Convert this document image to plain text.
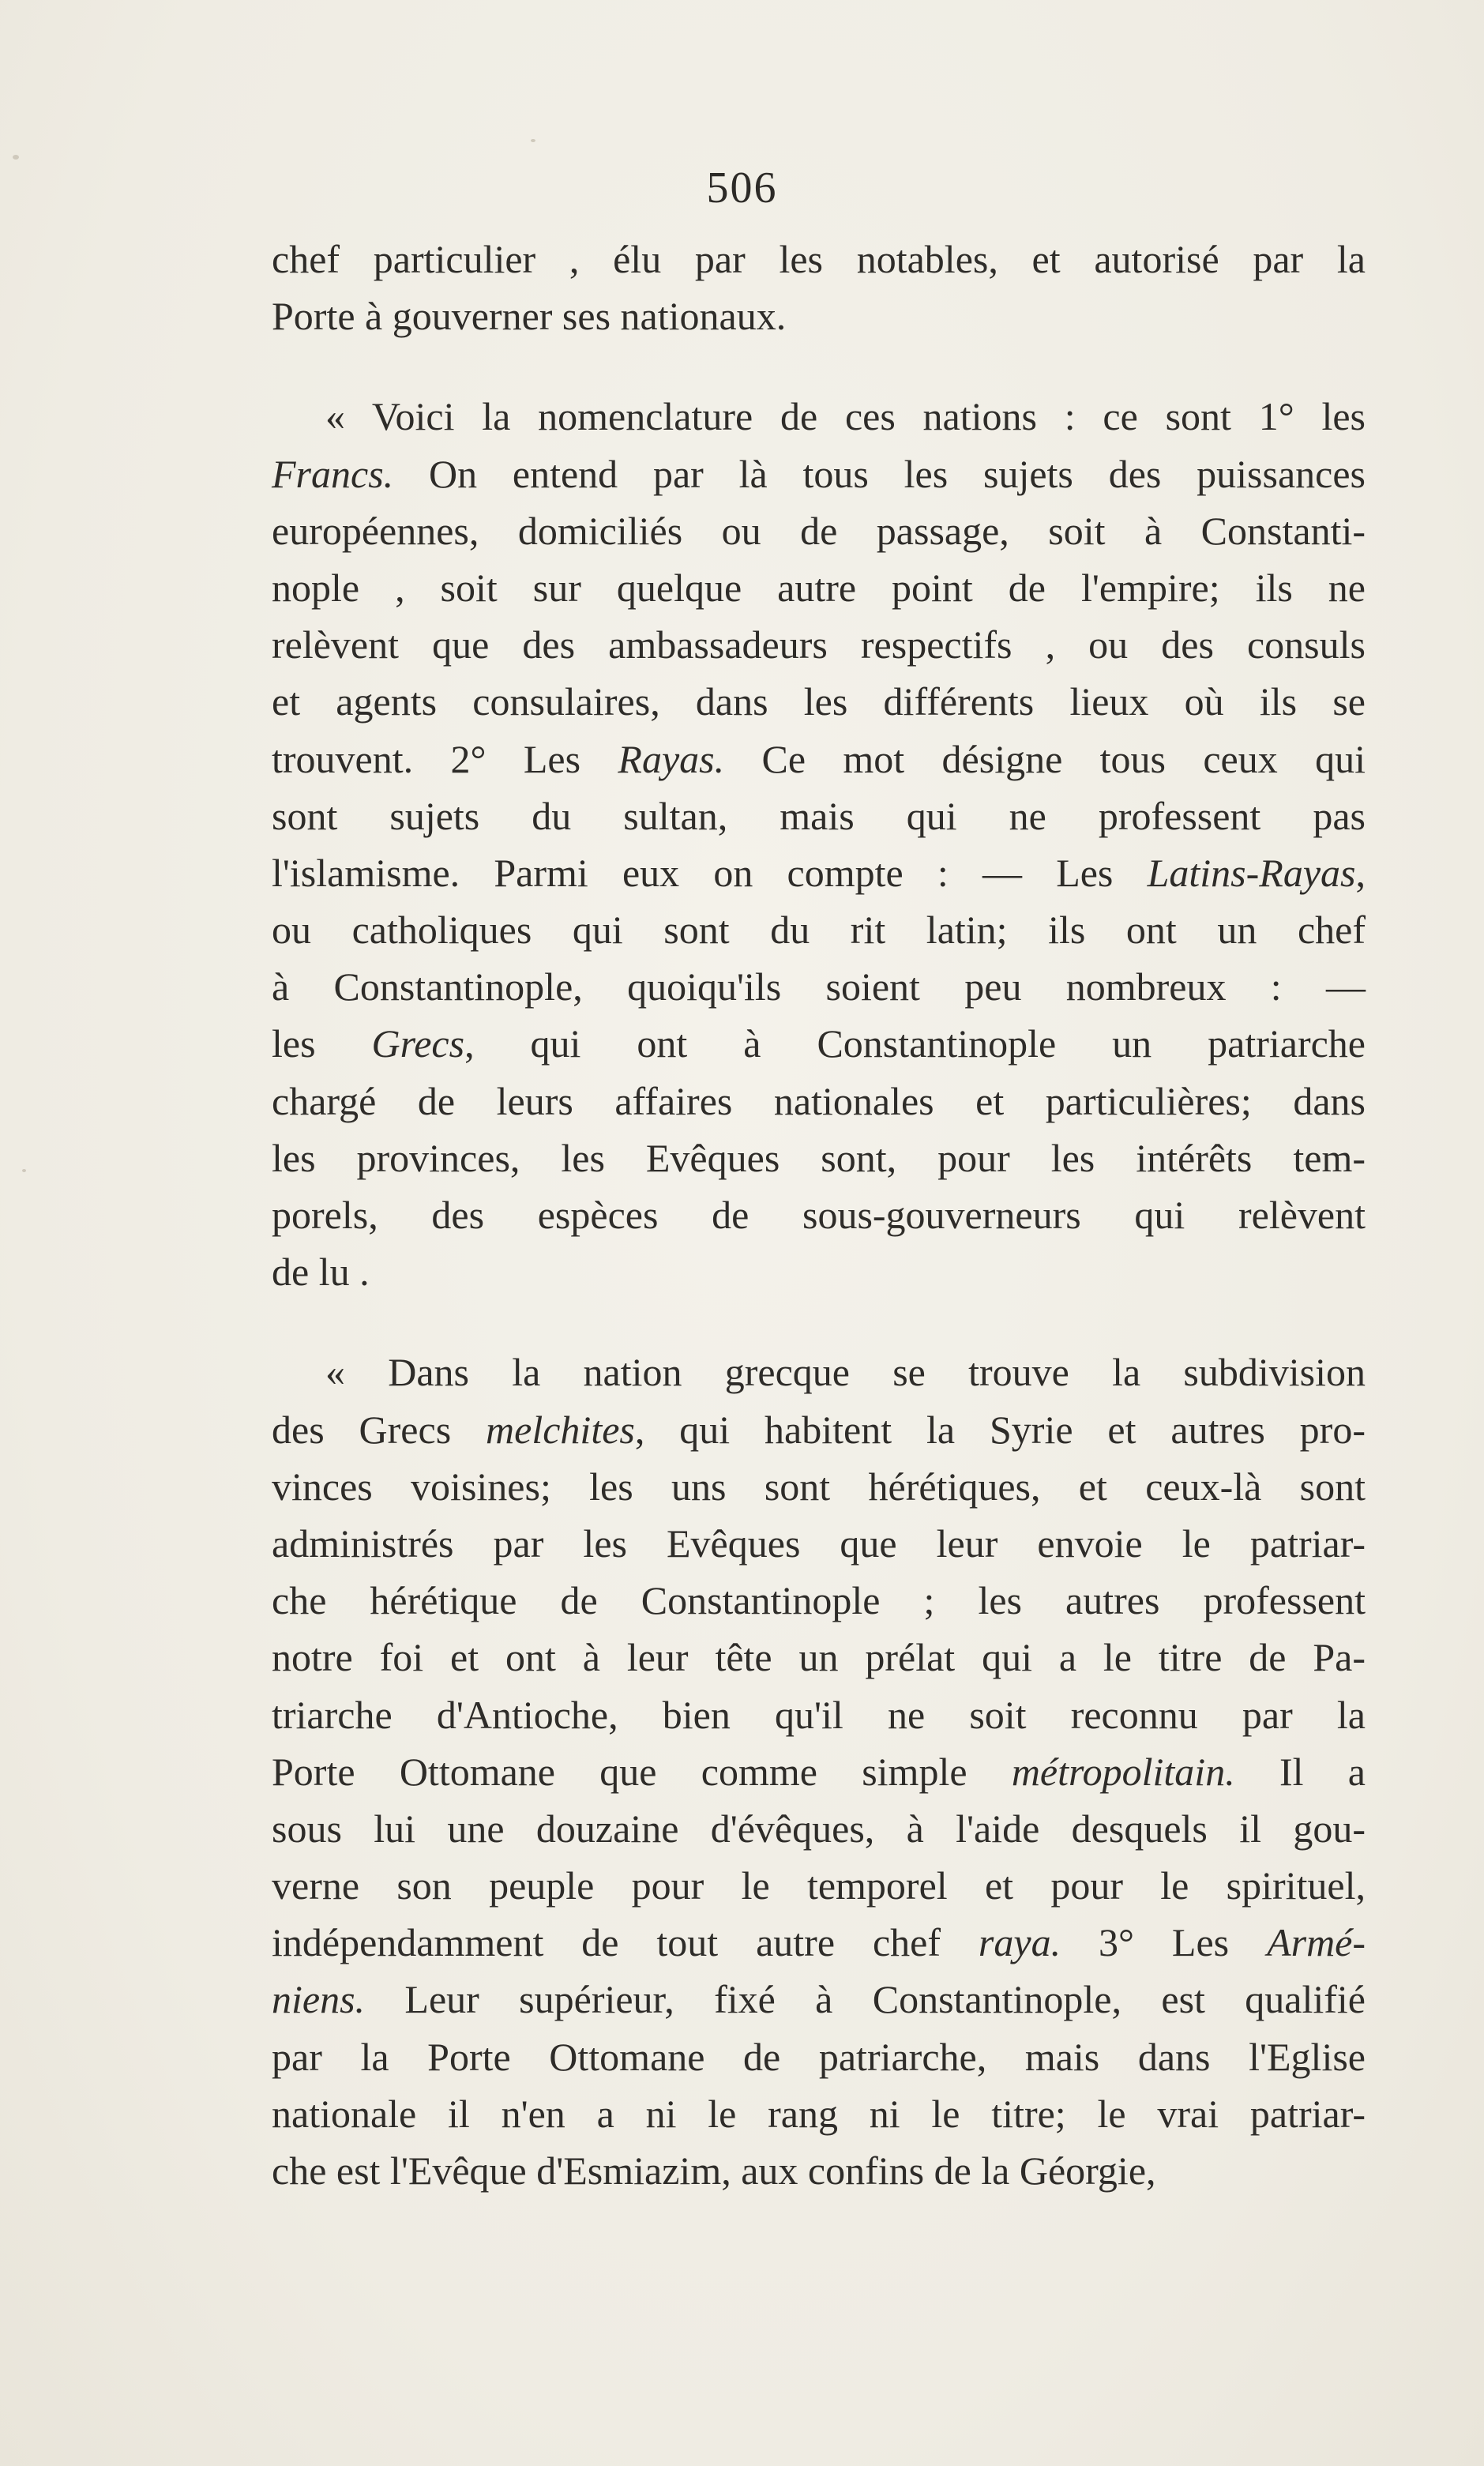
506
chef particulier , élu par les notables, et autorisé par la
Porte à gouverner ses nationaux.
« Voici la nomenclature de ces nations : ce sont 1° les
Francs. On entend par là tous les sujets des puissances
européennes, domiciliés ou de passage, soit à Constanti-
nople , soit sur quelque autre point de l'empire; ils ne
relèvent que des ambassadeurs respectifs , ou des consuls
et agents consulaires, dans les différents lieux où ils se
trouvent. 2° Les Rayas. Ce mot désigne tous ceux qui
sont sujets du sultan, mais qui ne professent pas
l'islamisme. Parmi eux on compte : — Les Latins-Rayas,
ou catholiques qui sont du rit latin; ils ont un chef
à Constantinople, quoiqu'ils soient peu nombreux : —
les Grecs, qui ont à Constantinople un patriarche
chargé de leurs affaires nationales et particulières; dans
les provinces, les Evêques sont, pour les intérêts tem-
porels, des espèces de sous-gouverneurs qui relèvent
de lu .
« Dans la nation grecque se trouve la subdivision
des Grecs melchites, qui habitent la Syrie et autres pro-
vinces voisines; les uns sont hérétiques, et ceux-là sont
administrés par les Evêques que leur envoie le patriar-
che hérétique de Constantinople ; les autres professent
notre foi et ont à leur tête un prélat qui a le titre de Pa-
triarche d'Antioche, bien qu'il ne soit reconnu par la
Porte Ottomane que comme simple métropolitain. Il a
sous lui une douzaine d'évêques, à l'aide desquels il gou-
verne son peuple pour le temporel et pour le spirituel,
indépendamment de tout autre chef raya. 3° Les Armé-
niens. Leur supérieur, fixé à Constantinople, est qualifié
par la Porte Ottomane de patriarche, mais dans l'Eglise
nationale il n'en a ni le rang ni le titre; le vrai patriar-
che est l'Evêque d'Esmiazim, aux confins de la Géorgie,
